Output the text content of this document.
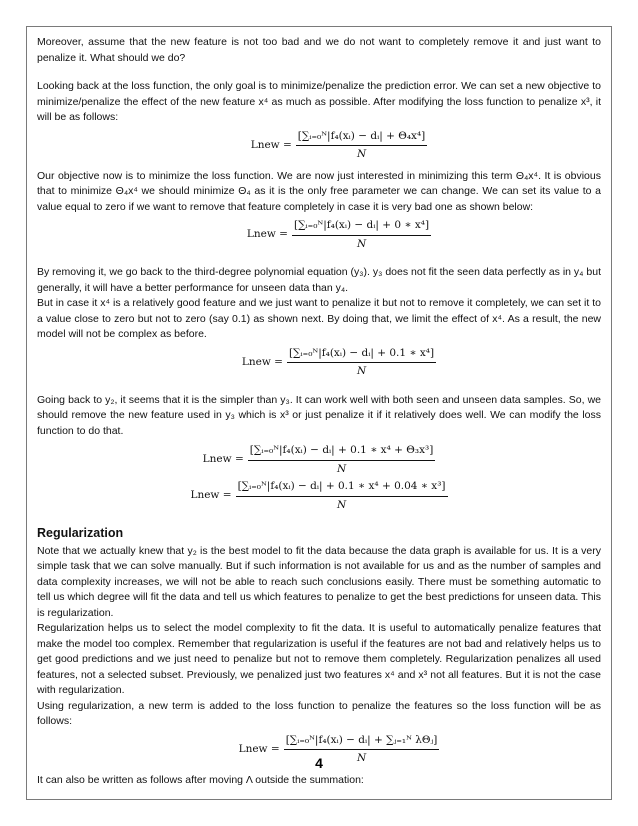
Moreover, assume that the new feature is not too bad and we do not want to completely remove it and just want to penalize it. What should we do?

Looking back at the loss function, the only goal is to minimize/penalize the prediction error. We can set a new objective to minimize/penalize the effect of the new feature x⁴ as much as possible. After modifying the loss function to penalize x³, it will be as follows:

Lnew = $\frac{\text{[∑ᵢ₌₀ᴺ|f₄(xᵢ) − dᵢ| + Θ₄x⁴]}}{N}$

Our objective now is to minimize the loss function. We are now just interested in minimizing this term Θ₄x⁴. It is obvious that to minimize Θ₄x⁴ we should minimize Θ₄ as it is the only free parameter we can change. We can set its value to a value equal to zero if we want to remove that feature completely in case it is very bad one as shown below:

Lnew = $\frac{\text{[∑ᵢ₌₀ᴺ|f₄(xᵢ) − dᵢ| + 0 ∗ x⁴]}}{N}$

By removing it, we go back to the third-degree polynomial equation (y₃). y₃ does not fit the seen data perfectly as in y₄ but generally, it will have a better performance for unseen data than y₄.

But in case it x⁴ is a relatively good feature and we just want to penalize it but not to remove it completely, we can set it to a value close to zero but not to zero (say 0.1) as shown next. By doing that, we limit the effect of x⁴. As a result, the new model will not be complex as before.

Lnew = $\frac{\text{[∑ᵢ₌₀ᴺ|f₄(xᵢ) − dᵢ| + 0.1 ∗ x⁴]}}{N}$

Going back to y₂, it seems that it is the simpler than y₃. It can work well with both seen and unseen data samples. So, we should remove the new feature used in y₃ which is x³ or just penalize it if it relatively does well. We can modify the loss function to do that.

Lnew = $\frac{\text{[∑ᵢ₌₀ᴺ|f₄(xᵢ) − dᵢ| + 0.1 ∗ x⁴ + Θ₃x³]}}{N}$
Lnew = $\frac{\text{[∑ᵢ₌₀ᴺ|f₄(xᵢ) − dᵢ| + 0.1 ∗ x⁴ + 0.04 ∗ x³]}}{N}$
Regularization

Note that we actually knew that y₂ is the best model to fit the data because the data graph is available for us. It is a very simple task that we can solve manually. But if such information is not available for us and as the number of samples and data complexity increases, we will not be able to reach such conclusions easily. There must be something automatic to tell us which degree will fit the data and tell us which features to penalize to get the best predictions for unseen data. This is regularization.

Regularization helps us to select the model complexity to fit the data. It is useful to automatically penalize features that make the model too complex. Remember that regularization is useful if the features are not bad and relatively helps us to get good predictions and we just need to penalize but not to remove them completely. Regularization penalizes all used features, not a selected subset. Previously, we penalized just two features x⁴ and x³ not all features. But it is not the case with regularization.

Using regularization, a new term is added to the loss function to penalize the features so the loss function will be as follows:

Lnew = $\frac{\text{[∑ᵢ₌₀ᴺ|f₄(xᵢ) − dᵢ| + ∑ⱼ₌₁ᴺ λΘⱼ]}}{N}$

It can also be written as follows after moving Λ outside the summation:

4
